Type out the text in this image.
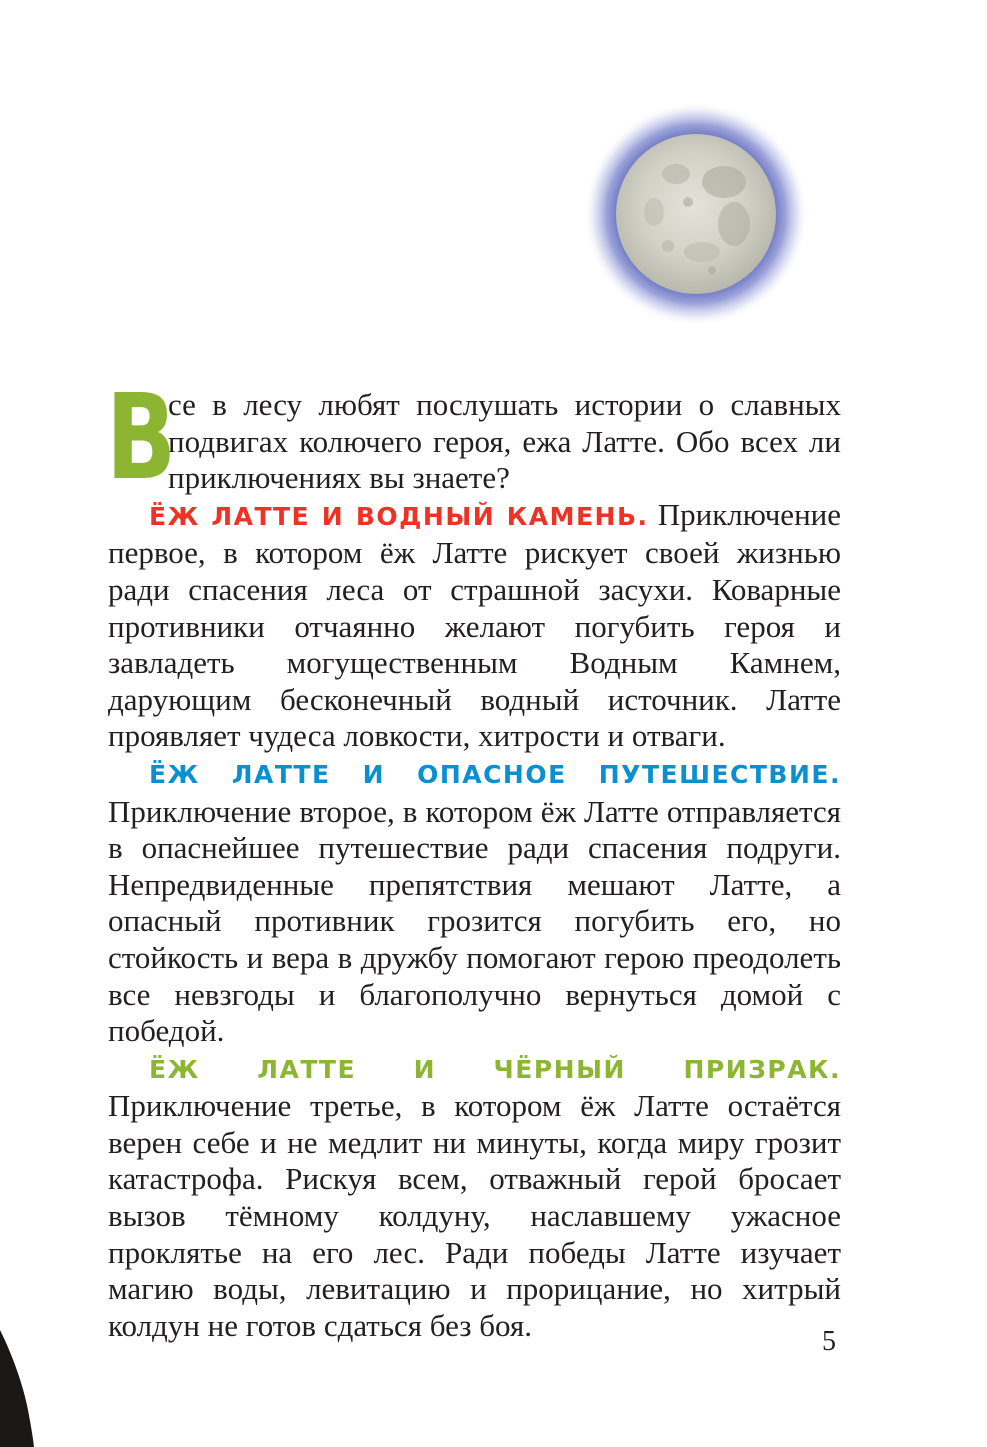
В
се в лесу любят послушать истории о славных подвигах колючего героя, ежа Латте. Обо всех ли приключениях вы знаете?

ЁЖ ЛАТТЕ И ВОДНЫЙ КАМЕНЬ. Приключение первое, в котором ёж Латте рискует своей жизнью ради спасения леса от страшной засухи. Коварные противники отчаянно желают погубить героя и завладеть могущественным Водным Камнем, дарующим бесконечный водный источник. Латте проявляет чудеса ловкости, хитрости и отваги.

ЁЖ ЛАТТЕ И ОПАСНОЕ ПУТЕШЕСТВИЕ. Приключение второе, в котором ёж Латте отправляется в опаснейшее путешествие ради спасения подруги. Непредвиденные препятствия мешают Латте, а опасный противник грозится погубить его, но стойкость и вера в дружбу помогают герою преодолеть все невзгоды и благополучно вернуться домой с победой.

ЁЖ ЛАТТЕ И ЧЁРНЫЙ ПРИЗРАК. Приключение третье, в котором ёж Латте остаётся верен себе и не медлит ни минуты, когда миру грозит катастрофа. Рискуя всем, отважный герой бросает вызов тёмному колдуну, наславшему ужасное проклятье на его лес. Ради победы Латте изучает магию воды, левитацию и прорицание, но хитрый колдун не готов сдаться без боя.	5
